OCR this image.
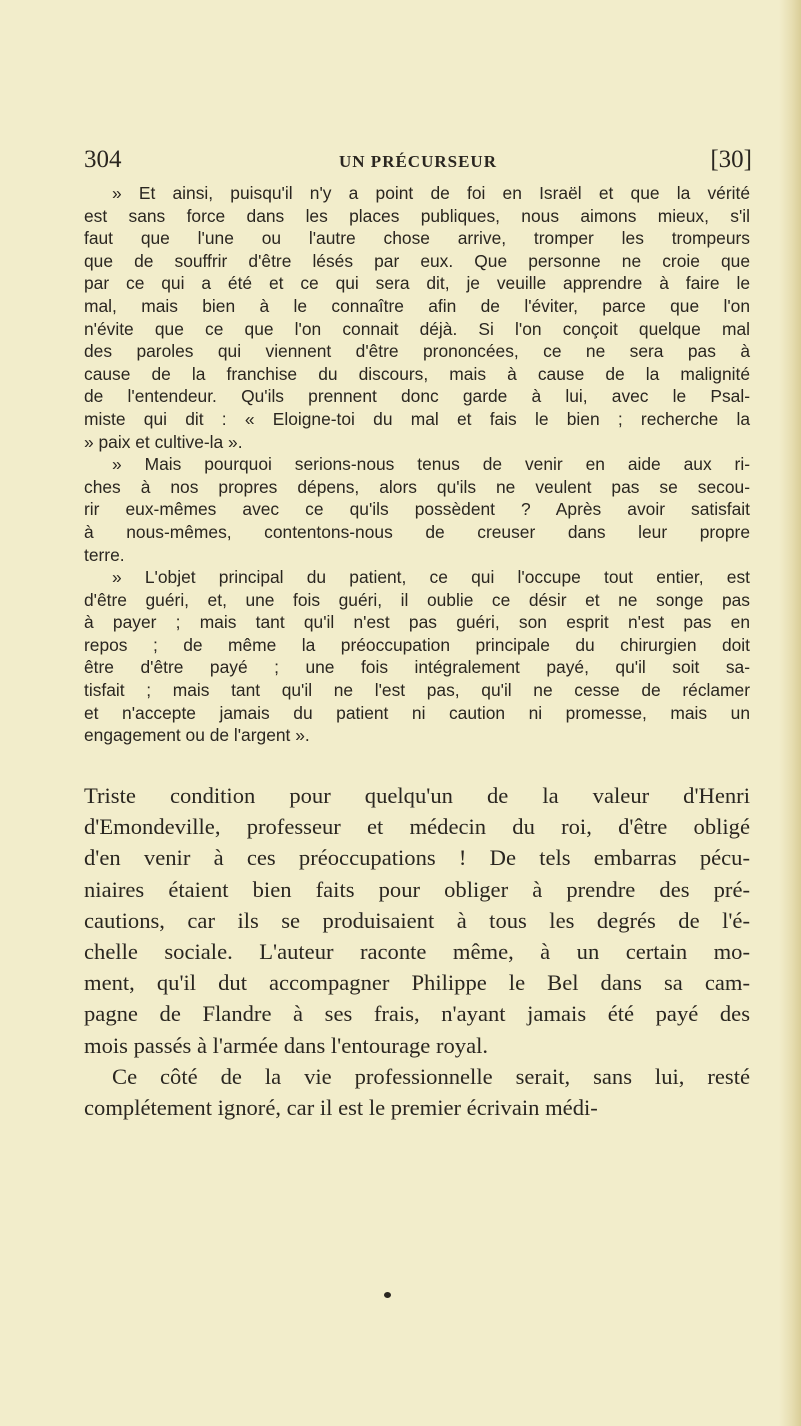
304	UN PRÉCURSEUR	[30]
» Et ainsi, puisqu'il n'y a point de foi en Israël et que la vérité
est sans force dans les places publiques, nous aimons mieux, s'il
faut que l'une ou l'autre chose arrive, tromper les trompeurs
que de souffrir d'être lésés par eux. Que personne ne croie que
par ce qui a été et ce qui sera dit, je veuille apprendre à faire le
mal, mais bien à le connaître afin de l'éviter, parce que l'on
n'évite que ce que l'on connait déjà. Si l'on conçoit quelque mal
des paroles qui viennent d'être prononcées, ce ne sera pas à
cause de la franchise du discours, mais à cause de la malignité
de l'entendeur. Qu'ils prennent donc garde à lui, avec le Psal-
miste qui dit : « Eloigne-toi du mal et fais le bien ; recherche la
» paix et cultive-la ».
» Mais pourquoi serions-nous tenus de venir en aide aux ri-
ches à nos propres dépens, alors qu'ils ne veulent pas se secou-
rir eux-mêmes avec ce qu'ils possèdent ? Après avoir satisfait
à nous-mêmes, contentons-nous de creuser dans leur propre
terre.
» L'objet principal du patient, ce qui l'occupe tout entier, est
d'être guéri, et, une fois guéri, il oublie ce désir et ne songe pas
à payer ; mais tant qu'il n'est pas guéri, son esprit n'est pas en
repos ; de même la préoccupation principale du chirurgien doit
être d'être payé ; une fois intégralement payé, qu'il soit sa-
tisfait ; mais tant qu'il ne l'est pas, qu'il ne cesse de réclamer
et n'accepte jamais du patient ni caution ni promesse, mais un
engagement ou de l'argent ».
Triste condition pour quelqu'un de la valeur d'Henri
d'Emondeville, professeur et médecin du roi, d'être obligé
d'en venir à ces préoccupations ! De tels embarras pécu-
niaires étaient bien faits pour obliger à prendre des pré-
cautions, car ils se produisaient à tous les degrés de l'é-
chelle sociale. L'auteur raconte même, à un certain mo-
ment, qu'il dut accompagner Philippe le Bel dans sa cam-
pagne de Flandre à ses frais, n'ayant jamais été payé des
mois passés à l'armée dans l'entourage royal.
Ce côté de la vie professionnelle serait, sans lui, resté
complétement ignoré, car il est le premier écrivain médi-
